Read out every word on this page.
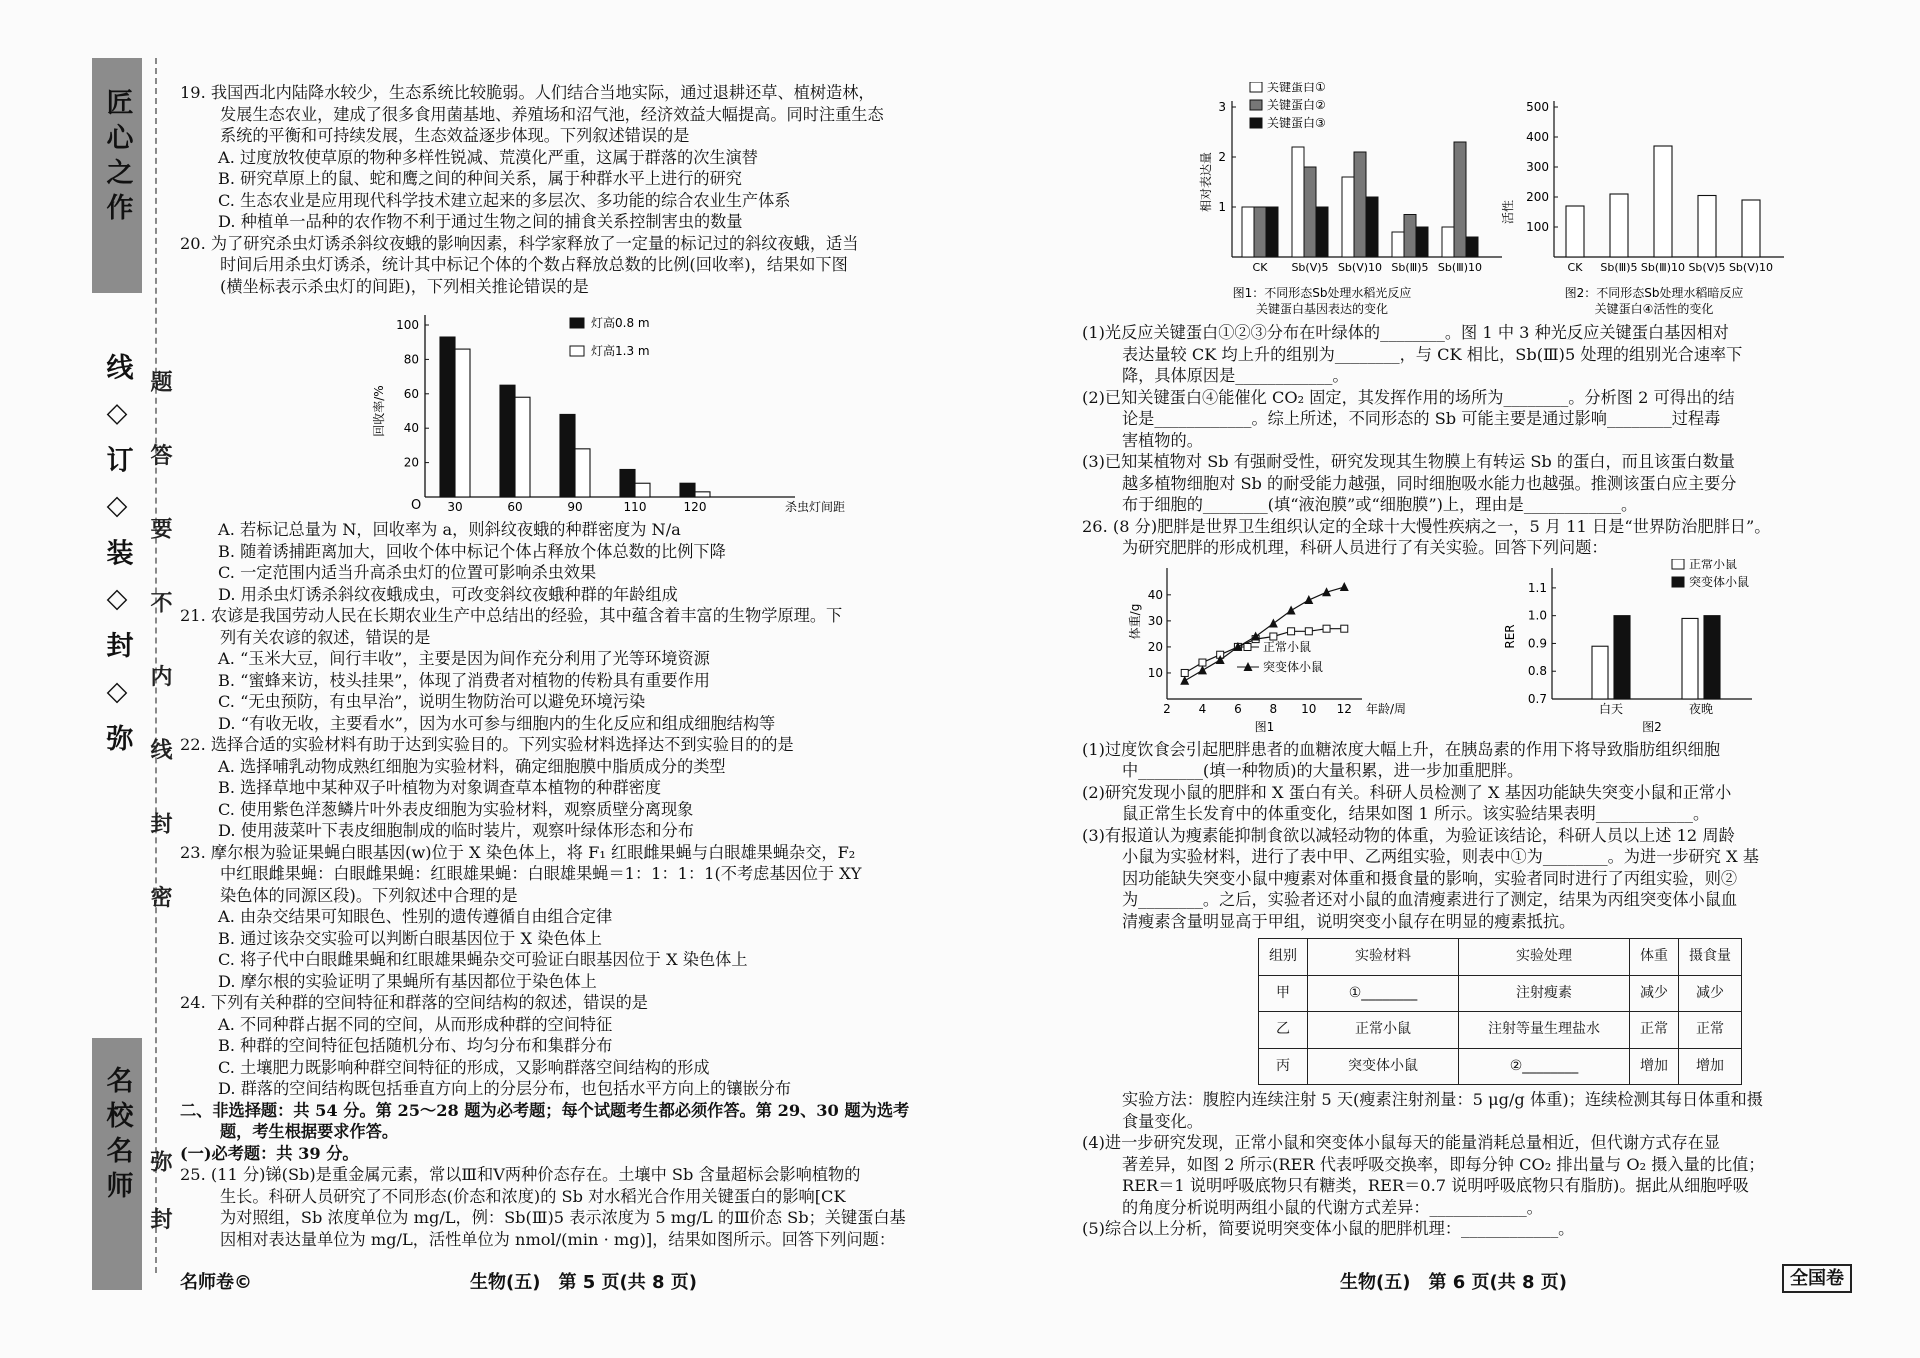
匠心之作
线 ◇ 订 ◇ 装 ◇ 封 ◇ 弥
名校名师
题 答 要 不 内 线 封 密
弥 封

19. 我国西北内陆降水较少，生态系统比较脆弱。人们结合当地实际，通过退耕还草、植树造林，

发展生态农业，建成了很多食用菌基地、养殖场和沼气池，经济效益大幅提高。同时注重生态

系统的平衡和可持续发展，生态效益逐步体现。下列叙述错误的是

A. 过度放牧使草原的物种多样性锐减、荒漠化严重，这属于群落的次生演替

B. 研究草原上的鼠、蛇和鹰之间的种间关系，属于种群水平上进行的研究

C. 生态农业是应用现代科学技术建立起来的多层次、多功能的综合农业生产体系

D. 种植单一品种的农作物不利于通过生物之间的捕食关系控制害虫的数量

20. 为了研究杀虫灯诱杀斜纹夜蛾的影响因素，科学家释放了一定量的标记过的斜纹夜蛾，适当

时间后用杀虫灯诱杀，统计其中标记个体的个数占释放总数的比例(回收率)，结果如下图

(横坐标表示杀虫灯的间距)，下列相关推论错误的是

O
20
40
60
80
100
回收率/%
30	60	90	110	120	杀虫灯间距
灯高0.8 m
灯高1.3 m

A. 若标记总量为 N，回收率为 a，则斜纹夜蛾的种群密度为 N/a

B. 随着诱捕距离加大，回收个体中标记个体占释放个体总数的比例下降

C. 一定范围内适当升高杀虫灯的位置可影响杀虫效果

D. 用杀虫灯诱杀斜纹夜蛾成虫，可改变斜纹夜蛾种群的年龄组成

21. 农谚是我国劳动人民在长期农业生产中总结出的经验，其中蕴含着丰富的生物学原理。下

列有关农谚的叙述，错误的是

A. “玉米大豆，间行丰收”，主要是因为间作充分利用了光等环境资源

B. “蜜蜂来访，枝头挂果”，体现了消费者对植物的传粉具有重要作用

C. “无虫预防，有虫早治”，说明生物防治可以避免环境污染

D. “有收无收，主要看水”，因为水可参与细胞内的生化反应和组成细胞结构等

22. 选择合适的实验材料有助于达到实验目的。下列实验材料选择达不到实验目的的是

A. 选择哺乳动物成熟红细胞为实验材料，确定细胞膜中脂质成分的类型

B. 选择草地中某种双子叶植物为对象调查草本植物的种群密度

C. 使用紫色洋葱鳞片叶外表皮细胞为实验材料，观察质壁分离现象

D. 使用菠菜叶下表皮细胞制成的临时装片，观察叶绿体形态和分布

23. 摩尔根为验证果蝇白眼基因(w)位于 X 染色体上，将 F₁ 红眼雌果蝇与白眼雄果蝇杂交，F₂

中红眼雌果蝇：白眼雌果蝇：红眼雄果蝇：白眼雄果蝇＝1：1：1：1(不考虑基因位于 XY

染色体的同源区段)。下列叙述中合理的是

A. 由杂交结果可知眼色、性别的遗传遵循自由组合定律

B. 通过该杂交实验可以判断白眼基因位于 X 染色体上

C. 将子代中白眼雌果蝇和红眼雄果蝇杂交可验证白眼基因位于 X 染色体上

D. 摩尔根的实验证明了果蝇所有基因都位于染色体上

24. 下列有关种群的空间特征和群落的空间结构的叙述，错误的是

A. 不同种群占据不同的空间，从而形成种群的空间特征

B. 种群的空间特征包括随机分布、均匀分布和集群分布

C. 土壤肥力既影响种群空间特征的形成，又影响群落空间结构的形成

D. 群落的空间结构既包括垂直方向上的分层分布，也包括水平方向上的镶嵌分布

二、非选择题：共 54 分。第 25～28 题为必考题；每个试题考生都必须作答。第 29、30 题为选考

题，考生根据要求作答。

(一)必考题：共 39 分。

25. (11 分)锑(Sb)是重金属元素，常以Ⅲ和Ⅴ两种价态存在。土壤中 Sb 含量超标会影响植物的

生长。科研人员研究了不同形态(价态和浓度)的 Sb 对水稻光合作用关键蛋白的影响[CK

为对照组，Sb 浓度单位为 mg/L，例：Sb(Ⅲ)5 表示浓度为 5 mg/L 的Ⅲ价态 Sb；关键蛋白基

因相对表达量单位为 mg/L，活性单位为 nmol/(min · mg)]，结果如图所示。回答下列问题：

名师卷©	生物(五)　第 5 页(共 8 页)
1
2
3
相对表达量
CK Sb(Ⅴ)5 Sb(Ⅴ)10 Sb(Ⅲ)5 Sb(Ⅲ)10
关键蛋白①
关键蛋白②
关键蛋白③
图1：不同形态Sb处理水稻光反应
关键蛋白基因表达的变化
100
200
300
400
500
活性
CK Sb(Ⅲ)5 Sb(Ⅲ)10 Sb(Ⅴ)5 Sb(Ⅴ)10
图2：不同形态Sb处理水稻暗反应
关键蛋白④活性的变化

(1)光反应关键蛋白①②③分布在叶绿体的________。图 1 中 3 种光反应关键蛋白基因相对

表达量较 CK 均上升的组别为________，与 CK 相比，Sb(Ⅲ)5 处理的组别光合速率下

降，具体原因是____________。

(2)已知关键蛋白④能催化 CO₂ 固定，其发挥作用的场所为________。分析图 2 可得出的结

论是____________。综上所述，不同形态的 Sb 可能主要是通过影响________过程毒

害植物的。

(3)已知某植物对 Sb 有强耐受性，研究发现其生物膜上有转运 Sb 的蛋白，而且该蛋白数量

越多植物细胞对 Sb 的耐受能力越强，同时细胞吸水能力也越强。推测该蛋白应主要分

布于细胞的________(填“液泡膜”或“细胞膜”)上，理由是____________。

26. (8 分)肥胖是世界卫生组织认定的全球十大慢性疾病之一，5 月 11 日是“世界防治肥胖日”。

为研究肥胖的形成机理，科研人员进行了有关实验。回答下列问题：

10
20
30
40
2 4 6 8 10 12 年龄/周
体重/g
正常小鼠
突变体小鼠
图1
0.7
0.8
0.9
1.0
1.1
RER
白天	夜晚
正常小鼠
突变体小鼠
图2

(1)过度饮食会引起肥胖患者的血糖浓度大幅上升，在胰岛素的作用下将导致脂肪组织细胞

中________(填一种物质)的大量积累，进一步加重肥胖。

(2)研究发现小鼠的肥胖和 X 蛋白有关。科研人员检测了 X 基因功能缺失突变小鼠和正常小

鼠正常生长发育中的体重变化，结果如图 1 所示。该实验结果表明____________。

(3)有报道认为瘦素能抑制食欲以减轻动物的体重，为验证该结论，科研人员以上述 12 周龄

小鼠为实验材料，进行了表中甲、乙两组实验，则表中①为________。为进一步研究 X 基

因功能缺失突变小鼠中瘦素对体重和摄食量的影响，实验者同时进行了丙组实验，则②

为________。之后，实验者还对小鼠的血清瘦素进行了测定，结果为丙组突变体小鼠血

清瘦素含量明显高于甲组，说明突变小鼠存在明显的瘦素抵抗。

组别	实验材料	实验处理	体重	摄食量
甲	①________	注射瘦素	减少	减少
乙	正常小鼠	注射等量生理盐水	正常	正常
丙	突变体小鼠	②________	增加	增加

实验方法：腹腔内连续注射 5 天(瘦素注射剂量：5 μg/g 体重)；连续检测其每日体重和摄

食量变化。

(4)进一步研究发现，正常小鼠和突变体小鼠每天的能量消耗总量相近，但代谢方式存在显

著差异，如图 2 所示(RER 代表呼吸交换率，即每分钟 CO₂ 排出量与 O₂ 摄入量的比值；

RER＝1 说明呼吸底物只有糖类，RER＝0.7 说明呼吸底物只有脂肪)。据此从细胞呼吸

的角度分析说明两组小鼠的代谢方式差异：____________。

(5)综合以上分析，简要说明突变体小鼠的肥胖机理：____________。

生物(五)　第 6 页(共 8 页)	全国卷
